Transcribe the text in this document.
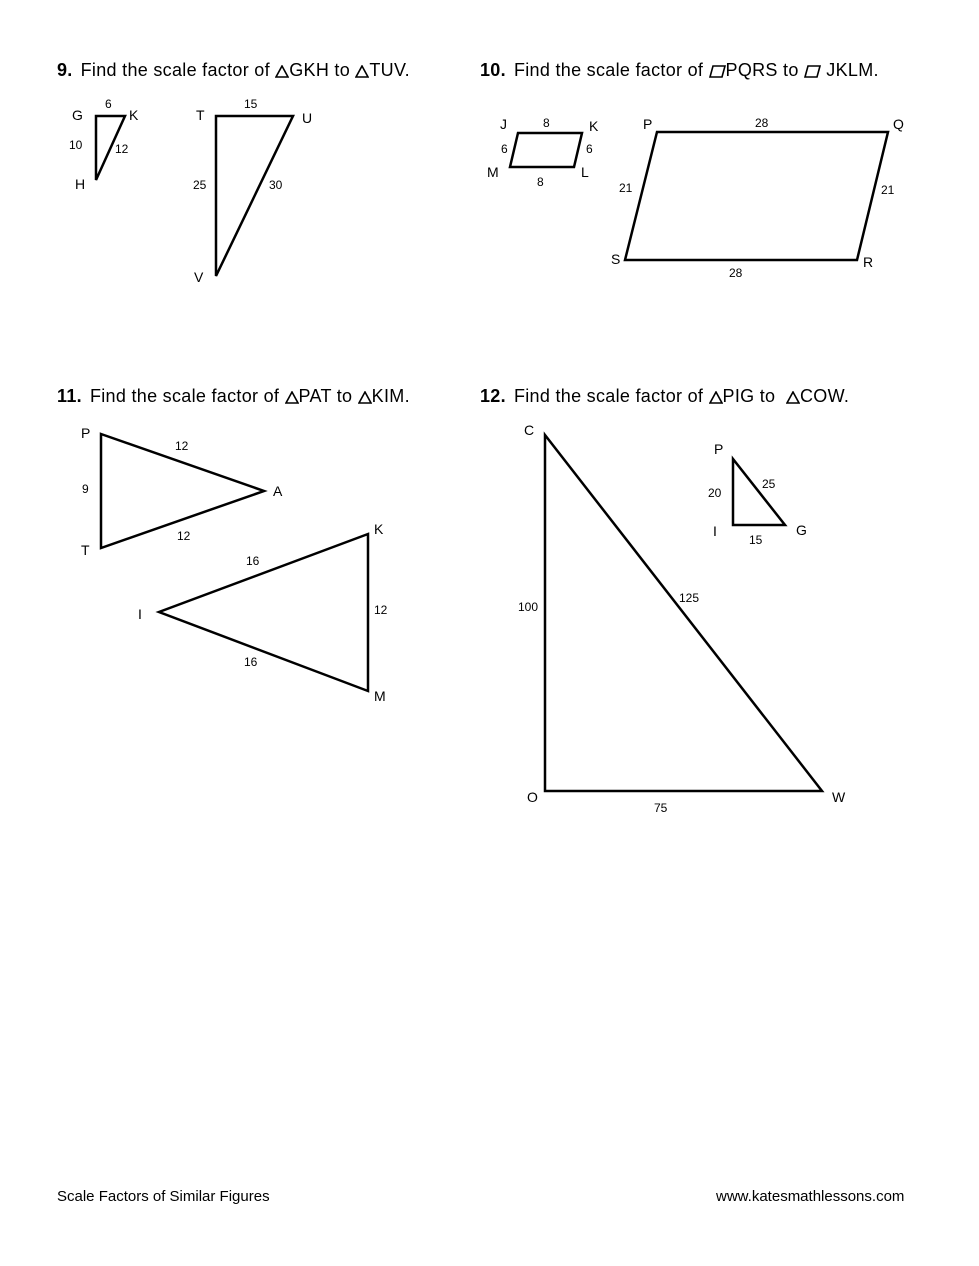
9. Find the scale factor of GKH to TUV.	10. Find the scale factor of PQRS to  JKLM.
11. Find the scale factor of PAT to KIM.	12. Find the scale factor of PIG to  COW.
G	K
H
6
10	12
T	U
V
15
25	30
J	K
L
M
8
6	6
8
P	Q
R
S
28
21	21
28
P
A
T
12
9
12	K
I
M
16
12
16
P
I	G
20
25
15
C
O	W
100
125
75
Scale Factors of Similar Figures	www.katesmathlessons.com
